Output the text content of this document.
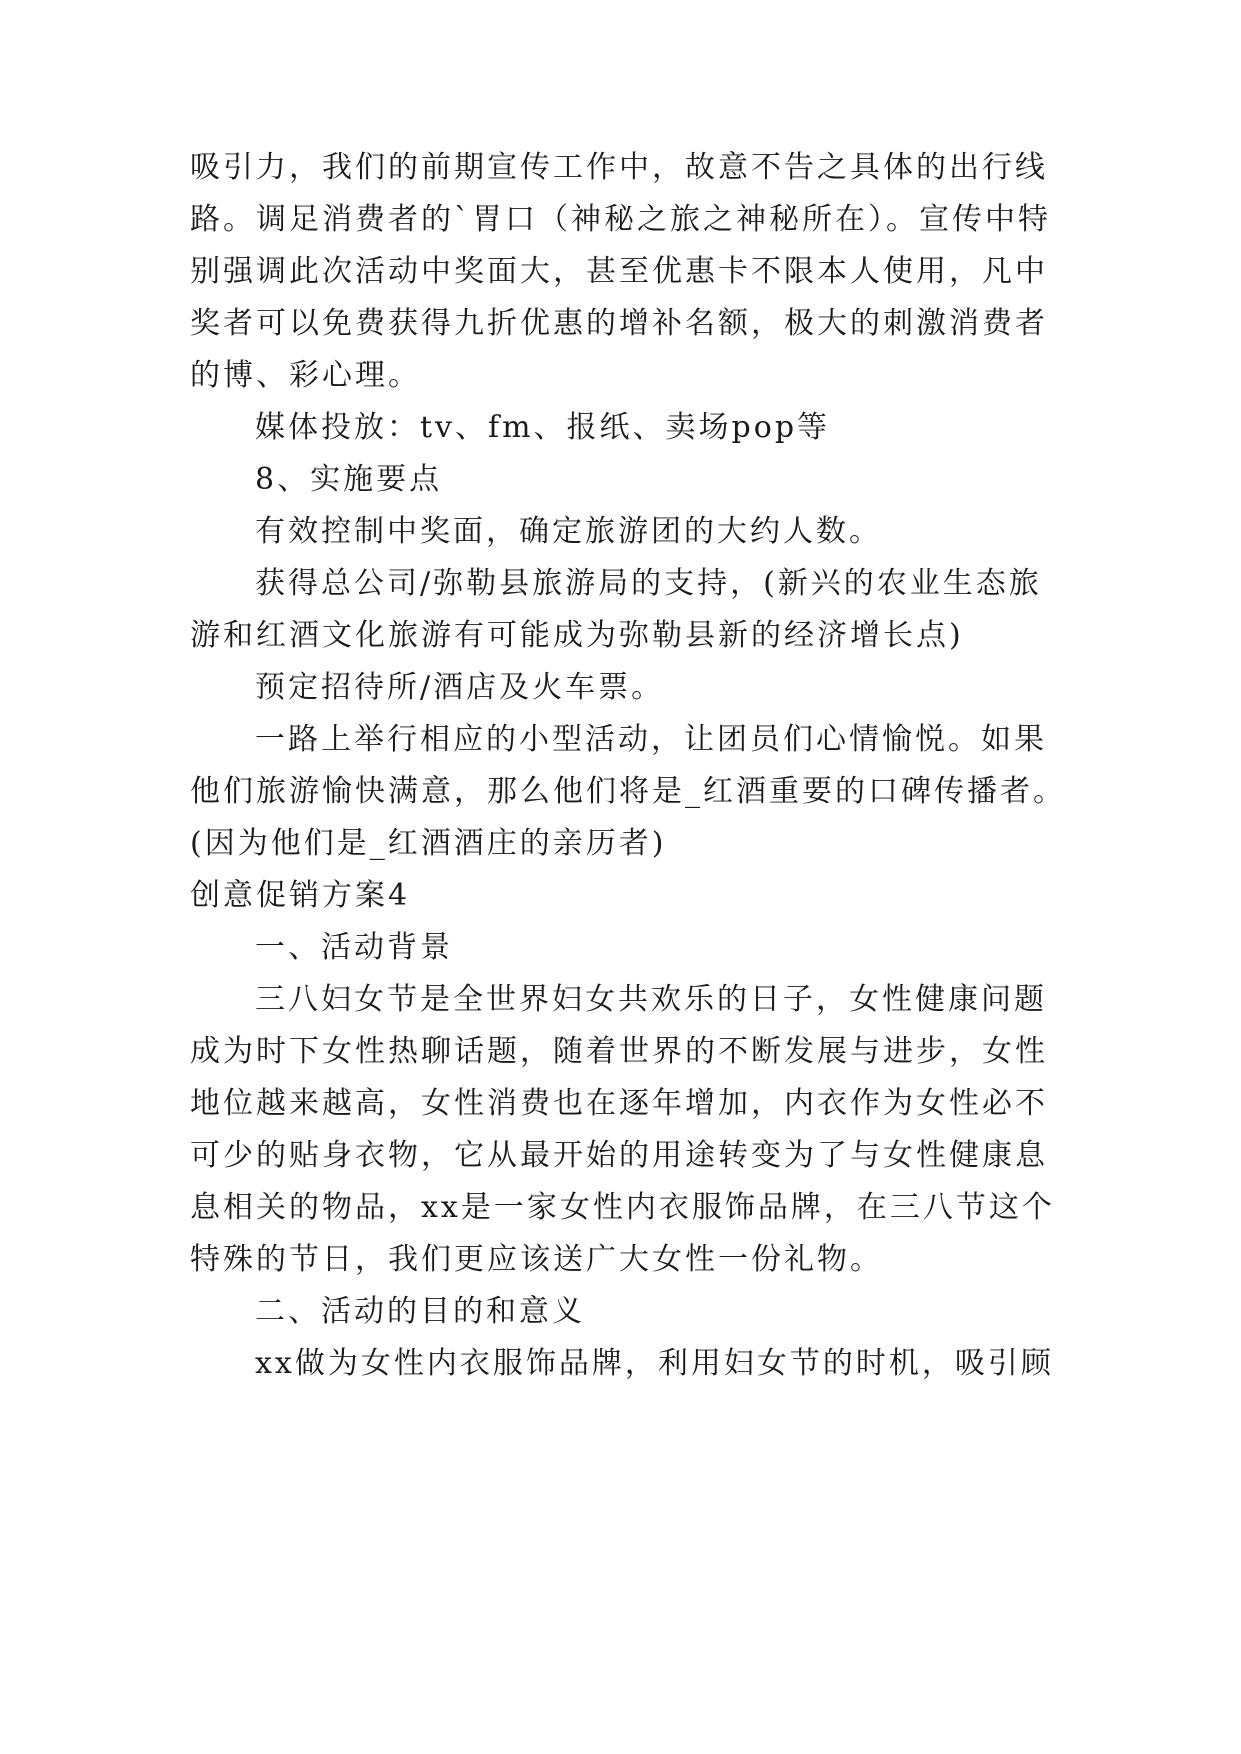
吸引力，我们的前期宣传工作中，故意不告之具体的出行线
路。调足消费者的`胃口（神秘之旅之神秘所在）。宣传中特
别强调此次活动中奖面大，甚至优惠卡不限本人使用，凡中
奖者可以免费获得九折优惠的增补名额，极大的刺激消费者
的博、彩心理。
媒体投放：tv、fm、报纸、卖场pop等
8、实施要点
有效控制中奖面，确定旅游团的大约人数。
获得总公司/弥勒县旅游局的支持，(新兴的农业生态旅
游和红酒文化旅游有可能成为弥勒县新的经济增长点)
预定招待所/酒店及火车票。
一路上举行相应的小型活动，让团员们心情愉悦。如果
他们旅游愉快满意，那么他们将是_红酒重要的口碑传播者。
(因为他们是_红酒酒庄的亲历者)
创意促销方案4
一、活动背景
三八妇女节是全世界妇女共欢乐的日子，女性健康问题
成为时下女性热聊话题，随着世界的不断发展与进步，女性
地位越来越高，女性消费也在逐年增加，内衣作为女性必不
可少的贴身衣物，它从最开始的用途转变为了与女性健康息
息相关的物品，xx是一家女性内衣服饰品牌，在三八节这个
特殊的节日，我们更应该送广大女性一份礼物。
二、活动的目的和意义
xx做为女性内衣服饰品牌，利用妇女节的时机，吸引顾
